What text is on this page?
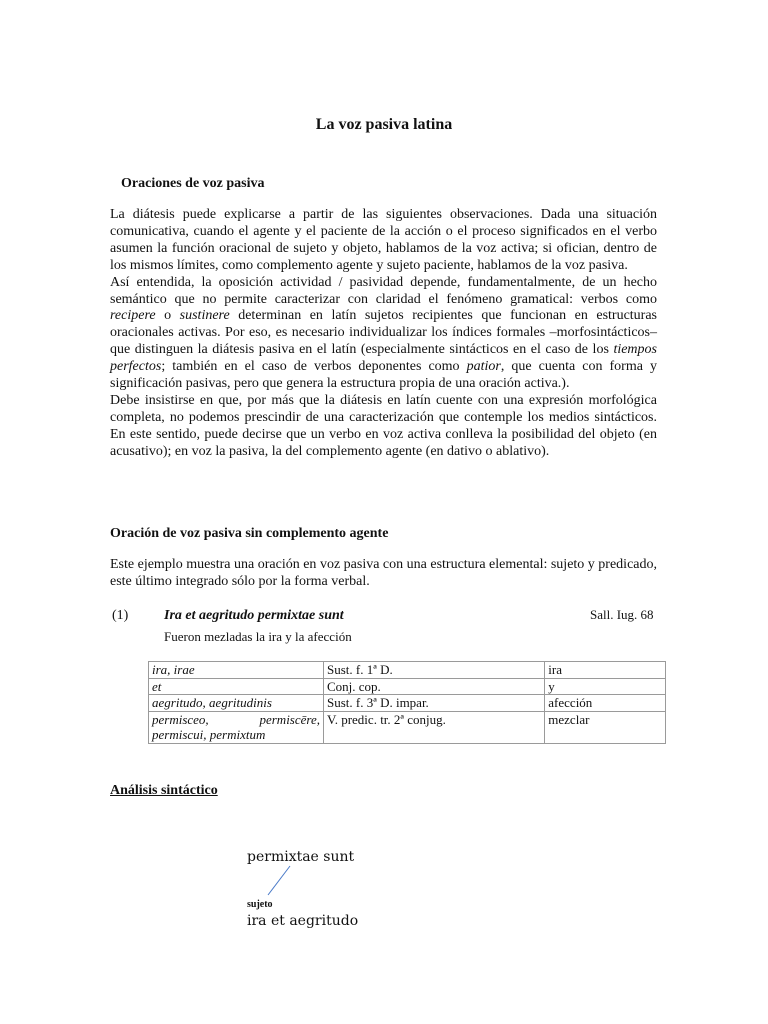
La voz pasiva latina
Oraciones de voz pasiva

La diátesis puede explicarse a partir de las siguientes observaciones. Dada una situación comunicativa, cuando el agente y el paciente de la acción o el proceso significados en el verbo asumen la función oracional de sujeto y objeto, hablamos de la voz activa; si ofician, dentro de los mismos límites, como complemento agente y sujeto paciente, hablamos de la voz pasiva.

Así entendida, la oposición actividad / pasividad depende, fundamentalmente, de un hecho semántico que no permite caracterizar con claridad el fenómeno gramatical: verbos como recipere o sustinere determinan en latín sujetos recipientes que funcionan en estructuras oracionales activas. Por eso, es necesario individualizar los índices formales –morfosintácticos– que distinguen la diátesis pasiva en el latín (especialmente sintácticos en el caso de los tiempos perfectos; también en el caso de verbos deponentes como patior, que cuenta con forma y significación pasivas, pero que genera la estructura propia de una oración activa.).

Debe insistirse en que, por más que la diátesis en latín cuente con una expresión morfológica completa, no podemos prescindir de una caracterización que contemple los medios sintácticos. En este sentido, puede decirse que un verbo en voz activa conlleva la posibilidad del objeto (en acusativo); en voz la pasiva, la del complemento agente (en dativo o ablativo).

Oración de voz pasiva sin complemento agente
Este ejemplo muestra una oración en voz pasiva con una estructura elemental: sujeto y predicado, este último integrado sólo por la forma verbal.
(1)	Ira et aegritudo permixtae sunt	Sall. Iug. 68
Fueron mezladas la ira y la afección
ira, irae	Sust. f. 1ª D.	ira
et	Conj. cop.	y
aegritudo, aegritudinis	Sust. f. 3ª D. impar.	afección
permisceo, permiscēre,
permiscui, permixtum	V. predic. tr. 2ª conjug.	mezclar
Análisis sintáctico
permixtae sunt
sujeto
ira et aegritudo
